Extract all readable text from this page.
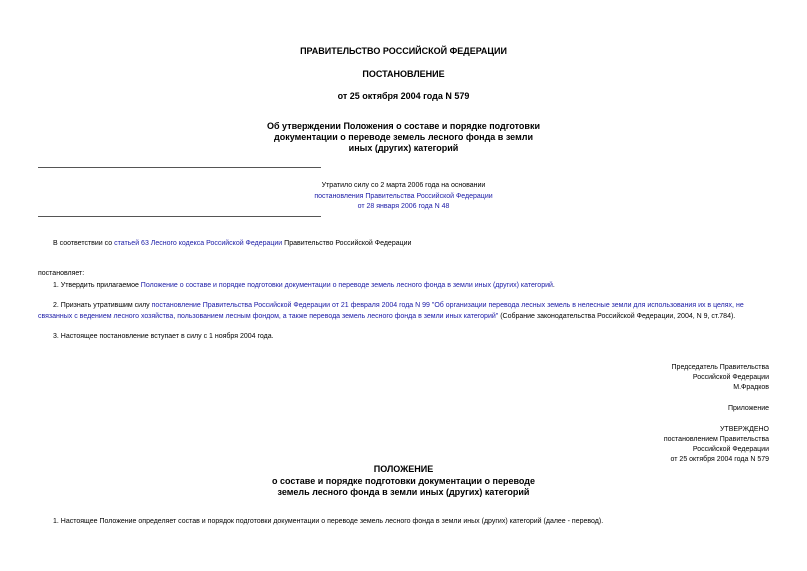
ПРАВИТЕЛЬСТВО РОССИЙСКОЙ ФЕДЕРАЦИИ
ПОСТАНОВЛЕНИЕ
от 25 октября 2004 года N 579
Об утверждении Положения о составе и порядке подготовки
документации о переводе земель лесного фонда в земли
иных (других) категорий
Утратило силу со 2 марта 2006 года на основании
постановления Правительства Российской Федерации
от 28 января 2006 года N 48
В соответствии со статьей 63 Лесного кодекса Российской Федерации Правительство Российской Федерации
постановляет:
1. Утвердить прилагаемое Положение о составе и порядке подготовки документации о переводе земель лесного фонда в земли иных (других) категорий.
2. Признать утратившим силу постановление Правительства Российской Федерации от 21 февраля 2004 года N 99 "Об организации перевода лесных земель в нелесные земли для использования их в целях, не
связанных с ведением лесного хозяйства, пользованием лесным фондом, а также перевода земель лесного фонда в земли иных категорий" (Собрание законодательства Российской Федерации, 2004, N 9, ст.784).
3. Настоящее постановление вступает в силу с 1 ноября 2004 года.
Председатель Правительства
Российской Федерации
М.Фрадков
Приложение
УТВЕРЖДЕНО
постановлением Правительства
Российской Федерации
от 25 октября 2004 года N 579
ПОЛОЖЕНИЕ
о составе и порядке подготовки документации о переводе
земель лесного фонда в земли иных (других) категорий
1. Настоящее Положение определяет состав и порядок подготовки документации о переводе земель лесного фонда в земли иных (других) категорий (далее - перевод).
